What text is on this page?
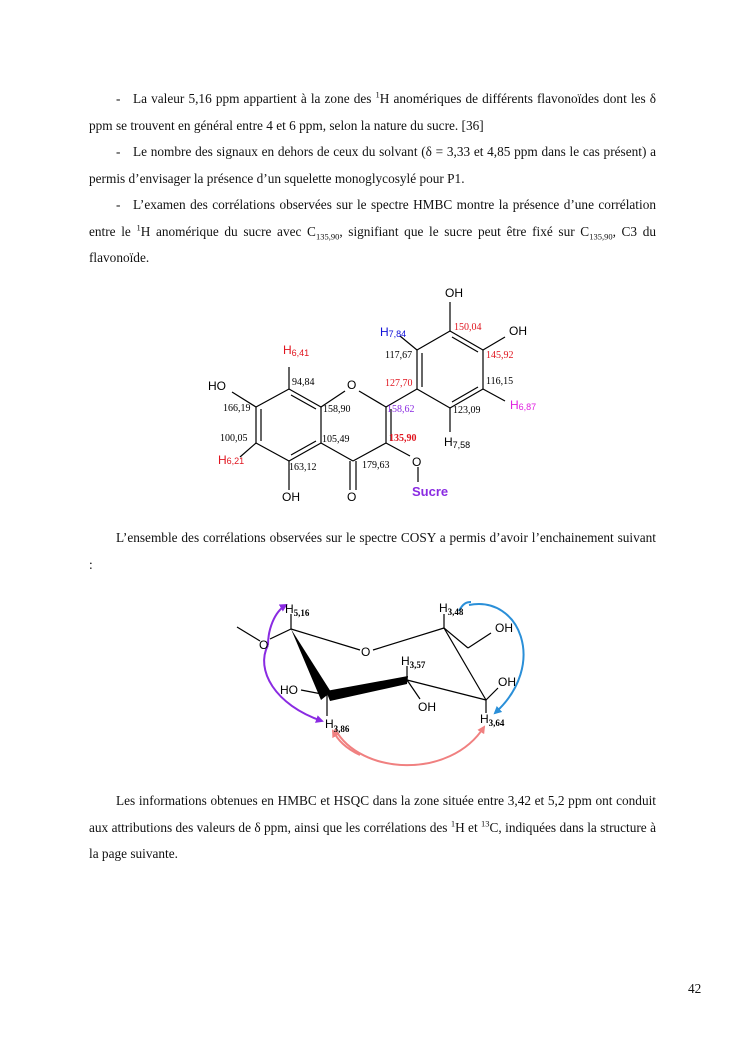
- La valeur 5,16 ppm appartient à la zone des $^1$H anomériques de différents flavonoïdes dont les δ ppm se trouvent en général entre 4 et 6 ppm, selon la nature du sucre. [36]

- Le nombre des signaux en dehors de ceux du solvant (δ = 3,33 et 4,85 ppm dans le cas présent) a permis d’envisager la présence d’un squelette monoglycosylé pour P1.

- L’examen des corrélations observées sur le spectre HMBC montre la présence d’une corrélation entre le $^1$H anomérique du sucre avec $C_{135,90}$, signifiant que le sucre peut être fixé sur $C_{135,90}$, C3 du flavonoïde.

OH
H7,84
150,04 OH
117,67	145,92
H6,41
94,84	O	127,70	116,15
HO
166,19	158,90	158,62	123,09 H6,87
100,05	105,49	135,90 H7,58
H6,21
163,12	179,63 O
OH	O	Sucre

L’ensemble des corrélations observées sur le spectre COSY a permis d’avoir l’enchainement suivant :

O	O
$H_{5,16}$	$H_{3,48}$
OH
$H_{3,57}$
HO
OH
OH
$H_{3,86}$
$H_{3,64}$

Les informations obtenues en HMBC et HSQC dans la zone située entre 3,42 et 5,2 ppm ont conduit aux attributions des valeurs de δ ppm, ainsi que les corrélations des $^1$H et $^{13}$C, indiquées dans la structure à la page suivante.

42
